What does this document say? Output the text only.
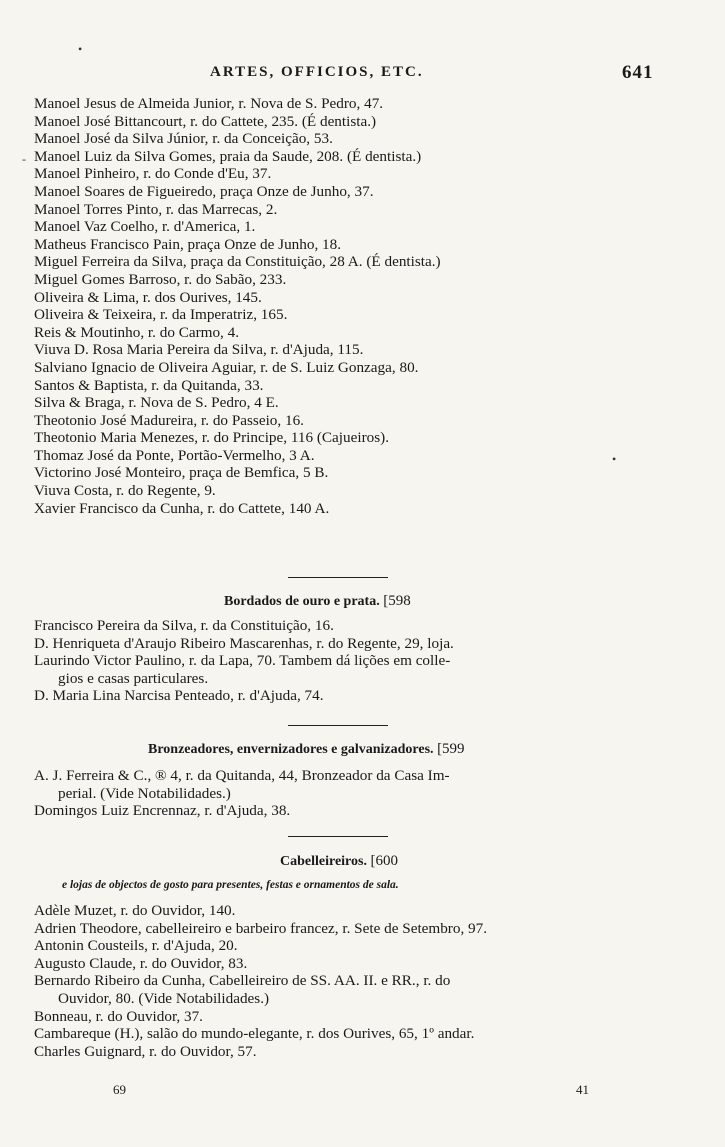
ARTES, OFFICIOS, ETC.	641
Manoel Jesus de Almeida Junior, r. Nova de S. Pedro, 47.
Manoel José Bittancourt, r. do Cattete, 235. (É dentista.)
Manoel José da Silva Júnior, r. da Conceição, 53.
Manoel Luiz da Silva Gomes, praia da Saude, 208. (É dentista.)
Manoel Pinheiro, r. do Conde d'Eu, 37.
Manoel Soares de Figueiredo, praça Onze de Junho, 37.
Manoel Torres Pinto, r. das Marrecas, 2.
Manoel Vaz Coelho, r. d'America, 1.
Matheus Francisco Pain, praça Onze de Junho, 18.
Miguel Ferreira da Silva, praça da Constituição, 28 A. (É dentista.)
Miguel Gomes Barroso, r. do Sabão, 233.
Oliveira & Lima, r. dos Ourives, 145.
Oliveira & Teixeira, r. da Imperatriz, 165.
Reis & Moutinho, r. do Carmo, 4.
Viuva D. Rosa Maria Pereira da Silva, r. d'Ajuda, 115.
Salviano Ignacio de Oliveira Aguiar, r. de S. Luiz Gonzaga, 80.
Santos & Baptista, r. da Quitanda, 33.
Silva & Braga, r. Nova de S. Pedro, 4 E.
Theotonio José Madureira, r. do Passeio, 16.
Theotonio Maria Menezes, r. do Principe, 116 (Cajueiros).
Thomaz José da Ponte, Portão-Vermelho, 3 A.
Victorino José Monteiro, praça de Bemfica, 5 B.
Viuva Costa, r. do Regente, 9.
Xavier Francisco da Cunha, r. do Cattete, 140 A.
Bordados de ouro e prata. [598
Francisco Pereira da Silva, r. da Constituição, 16.
D. Henriqueta d'Araujo Ribeiro Mascarenhas, r. do Regente, 29, loja.
Laurindo Victor Paulino, r. da Lapa, 70. Tambem dá lições em colle-
gios e casas particulares.
D. Maria Lina Narcisa Penteado, r. d'Ajuda, 74.
Bronzeadores, envernizadores e galvanizadores. [599
A. J. Ferreira & C., ® 4, r. da Quitanda, 44, Bronzeador da Casa Im-
perial. (Vide Notabilidades.)
Domingos Luiz Encrennaz, r. d'Ajuda, 38.
Cabelleireiros. [600
e lojas de objectos de gosto para presentes, festas e ornamentos de sala.
Adèle Muzet, r. do Ouvidor, 140.
Adrien Theodore, cabelleireiro e barbeiro francez, r. Sete de Setembro, 97.
Antonin Cousteils, r. d'Ajuda, 20.
Augusto Claude, r. do Ouvidor, 83.
Bernardo Ribeiro da Cunha, Cabelleireiro de SS. AA. II. e RR., r. do
Ouvidor, 80. (Vide Notabilidades.)
Bonneau, r. do Ouvidor, 37.
Cambareque (H.), salão do mundo-elegante, r. dos Ourives, 65, 1º andar.
Charles Guignard, r. do Ouvidor, 57.
69	41
•
-
•
